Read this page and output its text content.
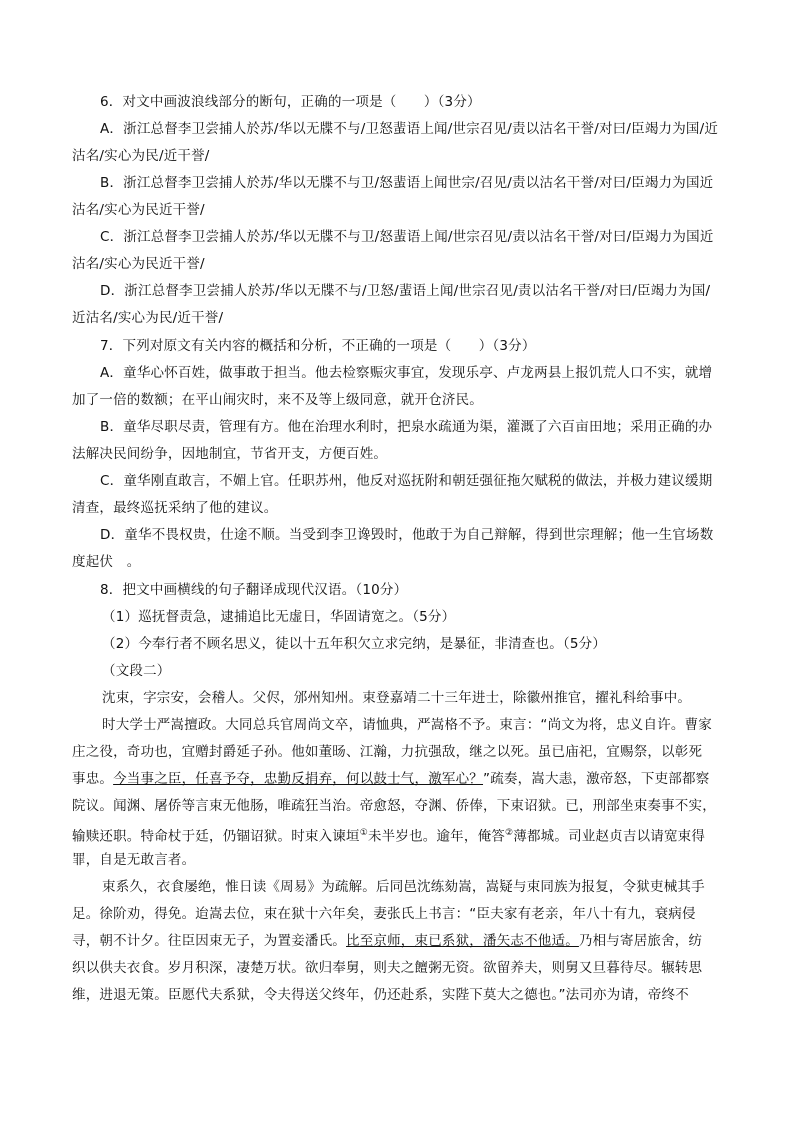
6．对文中画波浪线部分的断句，正确的一项是（　　）（3分）
A．浙江总督李卫尝捕人於苏/华以无牒不与/卫怒蜚语上闻/世宗召见/责以沽名干誉/对曰/臣竭力为国/近
沽名/实心为民/近干誉/
B．浙江总督李卫尝捕人於苏/华以无牒不与卫/怒蜚语上闻世宗/召见/责以沽名干誉/对曰/臣竭力为国近
沽名/实心为民近干誉/
C．浙江总督李卫尝捕人於苏/华以无牒不与卫/怒蜚语上闻/世宗召见/责以沽名干誉/对曰/臣竭力为国近
沽名/实心为民近干誉/
D．浙江总督李卫尝捕人於苏/华以无牒不与/卫怒/蜚语上闻/世宗召见/责以沽名干誉/对曰/臣竭力为国/
近沽名/实心为民/近干誉/
7．下列对原文有关内容的概括和分析，不正确的一项是（　　）（3分）
A．童华心怀百姓，做事敢于担当。他去检察赈灾事宜，发现乐亭、卢龙两县上报饥荒人口不实，就增
加了一倍的数额；在平山闹灾时，来不及等上级同意，就开仓济民。
B．童华尽职尽责，管理有方。他在治理水利时，把泉水疏通为渠，灌溉了六百亩田地；采用正确的办
法解决民间纷争，因地制宜，节省开支，方便百姓。
C．童华刚直敢言，不媚上官。任职苏州，他反对巡抚附和朝廷强征拖欠赋税的做法，并极力建议缓期
清查，最终巡抚采纳了他的建议。
D．童华不畏权贵，仕途不顺。当受到李卫谗毁时，他敢于为自己辩解，得到世宗理解；他一生官场数
度起伏　。
8．把文中画横线的句子翻译成现代汉语。（10分）
（1）巡抚督责急，逮捕追比无虚日，华固请宽之。（5分）
（2）今奉行者不顾名思义，徒以十五年积欠立求完纳，是暴征，非清查也。（5分）
（文段二）
沈束，字宗安，会稽人。父侭，邠州知州。束登嘉靖二十三年进士，除徽州推官，擢礼科给事中。
时大学士严嵩擅政。大同总兵官周尚文卒，请恤典，严嵩格不予。束言：“尚文为将，忠义自许。曹家
庄之役，奇功也，宜赠封爵延子孙。他如董旸、江瀚，力抗强敌，继之以死。虽已庙祀，宜赐祭，以彰死
事忠。今当事之臣，任喜予夺，忠勤反捐弃，何以鼓士气，激军心？”疏奏，嵩大恚，激帝怒，下吏部都察
院议。闻渊、屠侨等言束无他肠，唯疏狂当治。帝愈怒，夺渊、侨俸，下束诏狱。已，刑部坐束奏事不实，
输赎还职。特命杖于廷，仍锢诏狱。时束入谏垣①未半岁也。逾年，俺答②薄都城。司业赵贞吉以请宽束得
罪，自是无敢言者。
束系久，衣食屡绝，惟日读《周易》为疏解。后同邑沈练劾嵩，嵩疑与束同族为报复，令狱吏械其手
足。徐阶劝，得免。迨嵩去位，束在狱十六年矣，妻张氏上书言：“臣夫家有老亲，年八十有九，衰病侵
寻，朝不计夕。往臣因束无子，为置妾潘氏。比至京师，束已系狱，潘矢志不他适。乃相与寄居旅舍，纺
织以供夫衣食。岁月积深，凄楚万状。欲归奉舅，则夫之饘粥无资。欲留养夫，则舅又旦暮待尽。辗转思
维，进退无策。臣愿代夫系狱，令夫得送父终年，仍还赴系，实陛下莫大之德也。”法司亦为请，帝终不
